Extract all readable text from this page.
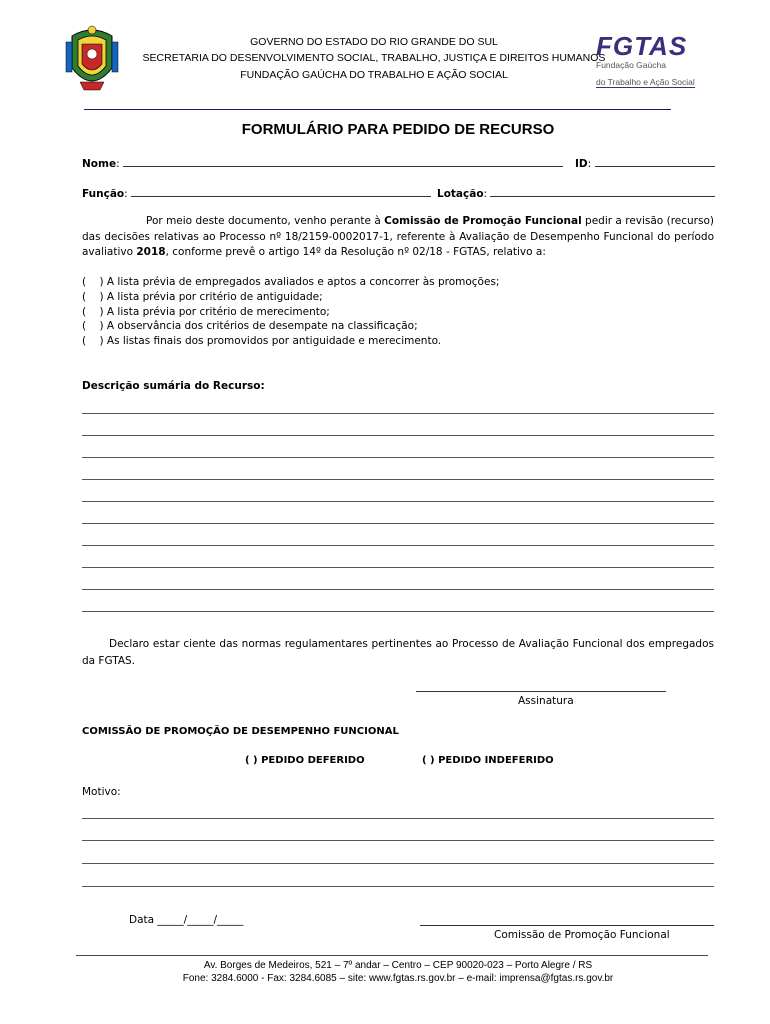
GOVERNO DO ESTADO DO RIO GRANDE DO SUL
SECRETARIA DO DESENVOLVIMENTO SOCIAL, TRABALHO, JUSTIÇA E DIREITOS HUMANOS
FUNDAÇÃO GAÚCHA DO TRABALHO E AÇÃO SOCIAL
FGTAS
Fundação Gaúcha
do Trabalho e Ação Social
FORMULÁRIO PARA PEDIDO DE RECURSO
Nome:	ID:
Função:	Lotação:
Por meio deste documento, venho perante à Comissão de Promoção Funcional pedir a revisão (recurso) das decisões relativas ao Processo nº 18/2159-0002017-1, referente à Avaliação de Desempenho Funcional do período avaliativo 2018, conforme prevê o artigo 14º da Resolução nº 02/18 - FGTAS, relativo a:
(    ) A lista prévia de empregados avaliados e aptos a concorrer às promoções;
(    ) A lista prévia por critério de antiguidade;
(    ) A lista prévia por critério de merecimento;
(    ) A observância dos critérios de desempate na classificação;
(    ) As listas finais dos promovidos por antiguidade e merecimento.
Descrição sumária do Recurso:
Declaro estar ciente das normas regulamentares pertinentes ao Processo de Avaliação Funcional dos empregados da FGTAS.
Assinatura
COMISSÃO DE PROMOÇÃO DE DESEMPENHO FUNCIONAL
( ) PEDIDO DEFERIDO	( ) PEDIDO INDEFERIDO
Motivo:
Data _____/_____/_____
Comissão de Promoção Funcional
Av. Borges de Medeiros, 521 – 7º andar – Centro – CEP 90020-023 – Porto Alegre / RS
Fone: 3284.6000 - Fax: 3284.6085 – site: www.fgtas.rs.gov.br – e-mail: imprensa@fgtas.rs.gov.br
